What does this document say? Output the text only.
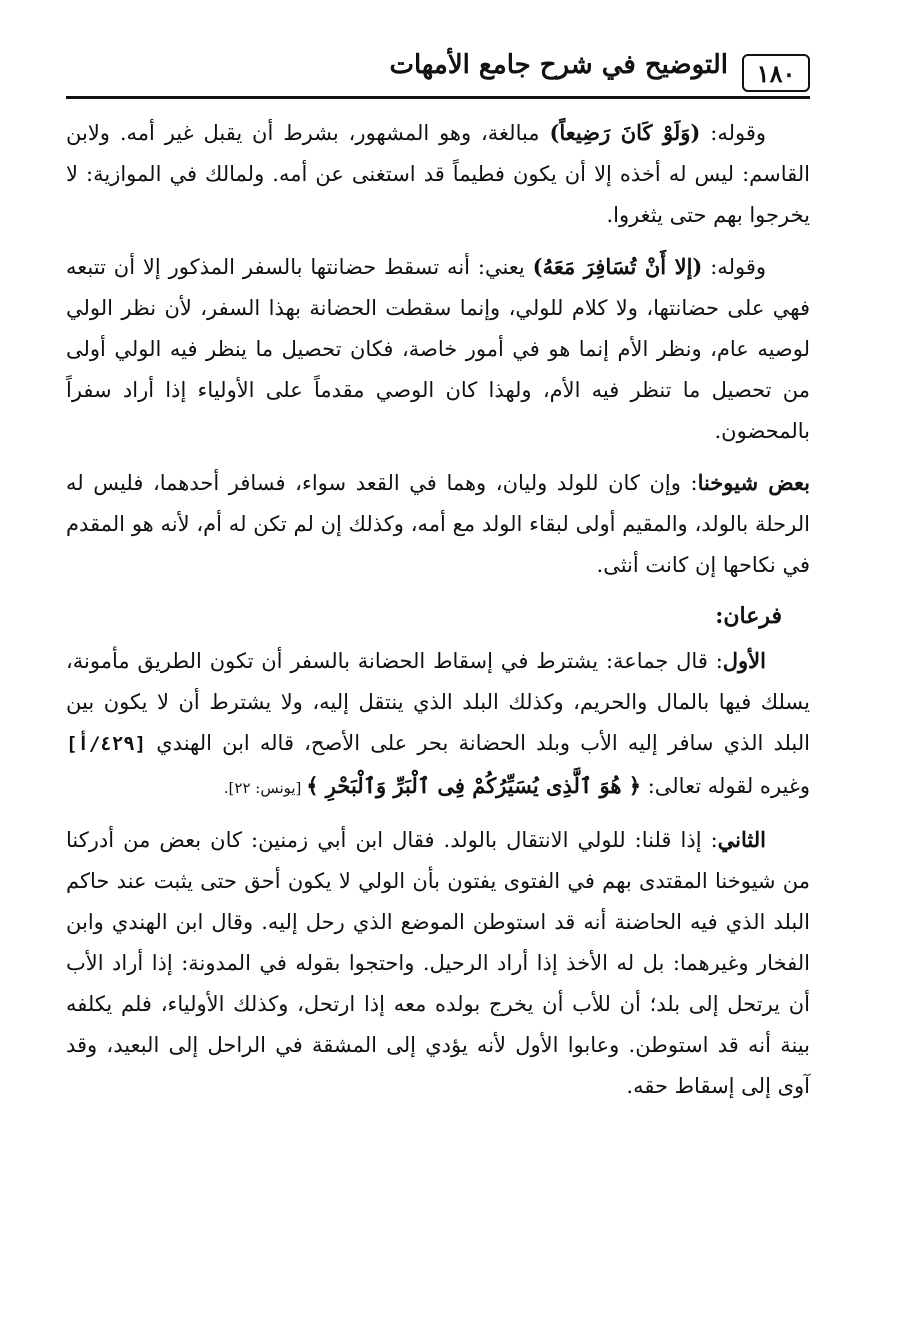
١٨٠
التوضيح في شرح جامع الأمهات

وقوله: (وَلَوْ كَانَ رَضِيعاً) مبالغة، وهو المشهور، بشرط أن يقبل غير أمه. ولابن القاسم: ليس له أخذه إلا أن يكون فطيماً قد استغنى عن أمه. ولمالك في الموازية: لا يخرجوا بهم حتى يثغروا.

وقوله: (إلا أَنْ تُسَافِرَ مَعَهُ) يعني: أنه تسقط حضانتها بالسفر المذكور إلا أن تتبعه فهي على حضانتها، ولا كلام للولي، وإنما سقطت الحضانة بهذا السفر، لأن نظر الولي لوصيه عام، ونظر الأم إنما هو في أمور خاصة، فكان تحصيل ما ينظر فيه الولي أولى من تحصيل ما تنظر فيه الأم، ولهذا كان الوصي مقدماً على الأولياء إذا أراد سفراً بالمحضون.

بعض شيوخنا: وإن كان للولد وليان، وهما في القعد سواء، فسافر أحدهما، فليس له الرحلة بالولد، والمقيم أولى لبقاء الولد مع أمه، وكذلك إن لم تكن له أم، لأنه هو المقدم في نكاحها إن كانت أنثى.

فرعان:

الأول: قال جماعة: يشترط في إسقاط الحضانة بالسفر أن تكون الطريق مأمونة، يسلك فيها بالمال والحريم، وكذلك البلد الذي ينتقل إليه، ولا يشترط أن لا يكون بين البلد الذي سافر إليه الأب وبلد الحضانة بحر على الأصح، قاله ابن الهندي [٤٢٩/أ] وغيره لقوله تعالى: ﴿ هُوَ ٱلَّذِى يُسَيِّرُكُمْ فِى ٱلْبَرِّ وَٱلْبَحْرِ ﴾ [يونس: ٢٢].

الثاني: إذا قلنا: للولي الانتقال بالولد. فقال ابن أبي زمنين: كان بعض من أدركنا من شيوخنا المقتدى بهم في الفتوى يفتون بأن الولي لا يكون أحق حتى يثبت عند حاكم البلد الذي فيه الحاضنة أنه قد استوطن الموضع الذي رحل إليه. وقال ابن الهندي وابن الفخار وغيرهما: بل له الأخذ إذا أراد الرحيل. واحتجوا بقوله في المدونة: إذا أراد الأب أن يرتحل إلى بلد؛ أن للأب أن يخرج بولده معه إذا ارتحل، وكذلك الأولياء، فلم يكلفه بينة أنه قد استوطن. وعابوا الأول لأنه يؤدي إلى المشقة في الراحل إلى البعيد، وقد آوى إلى إسقاط حقه.
